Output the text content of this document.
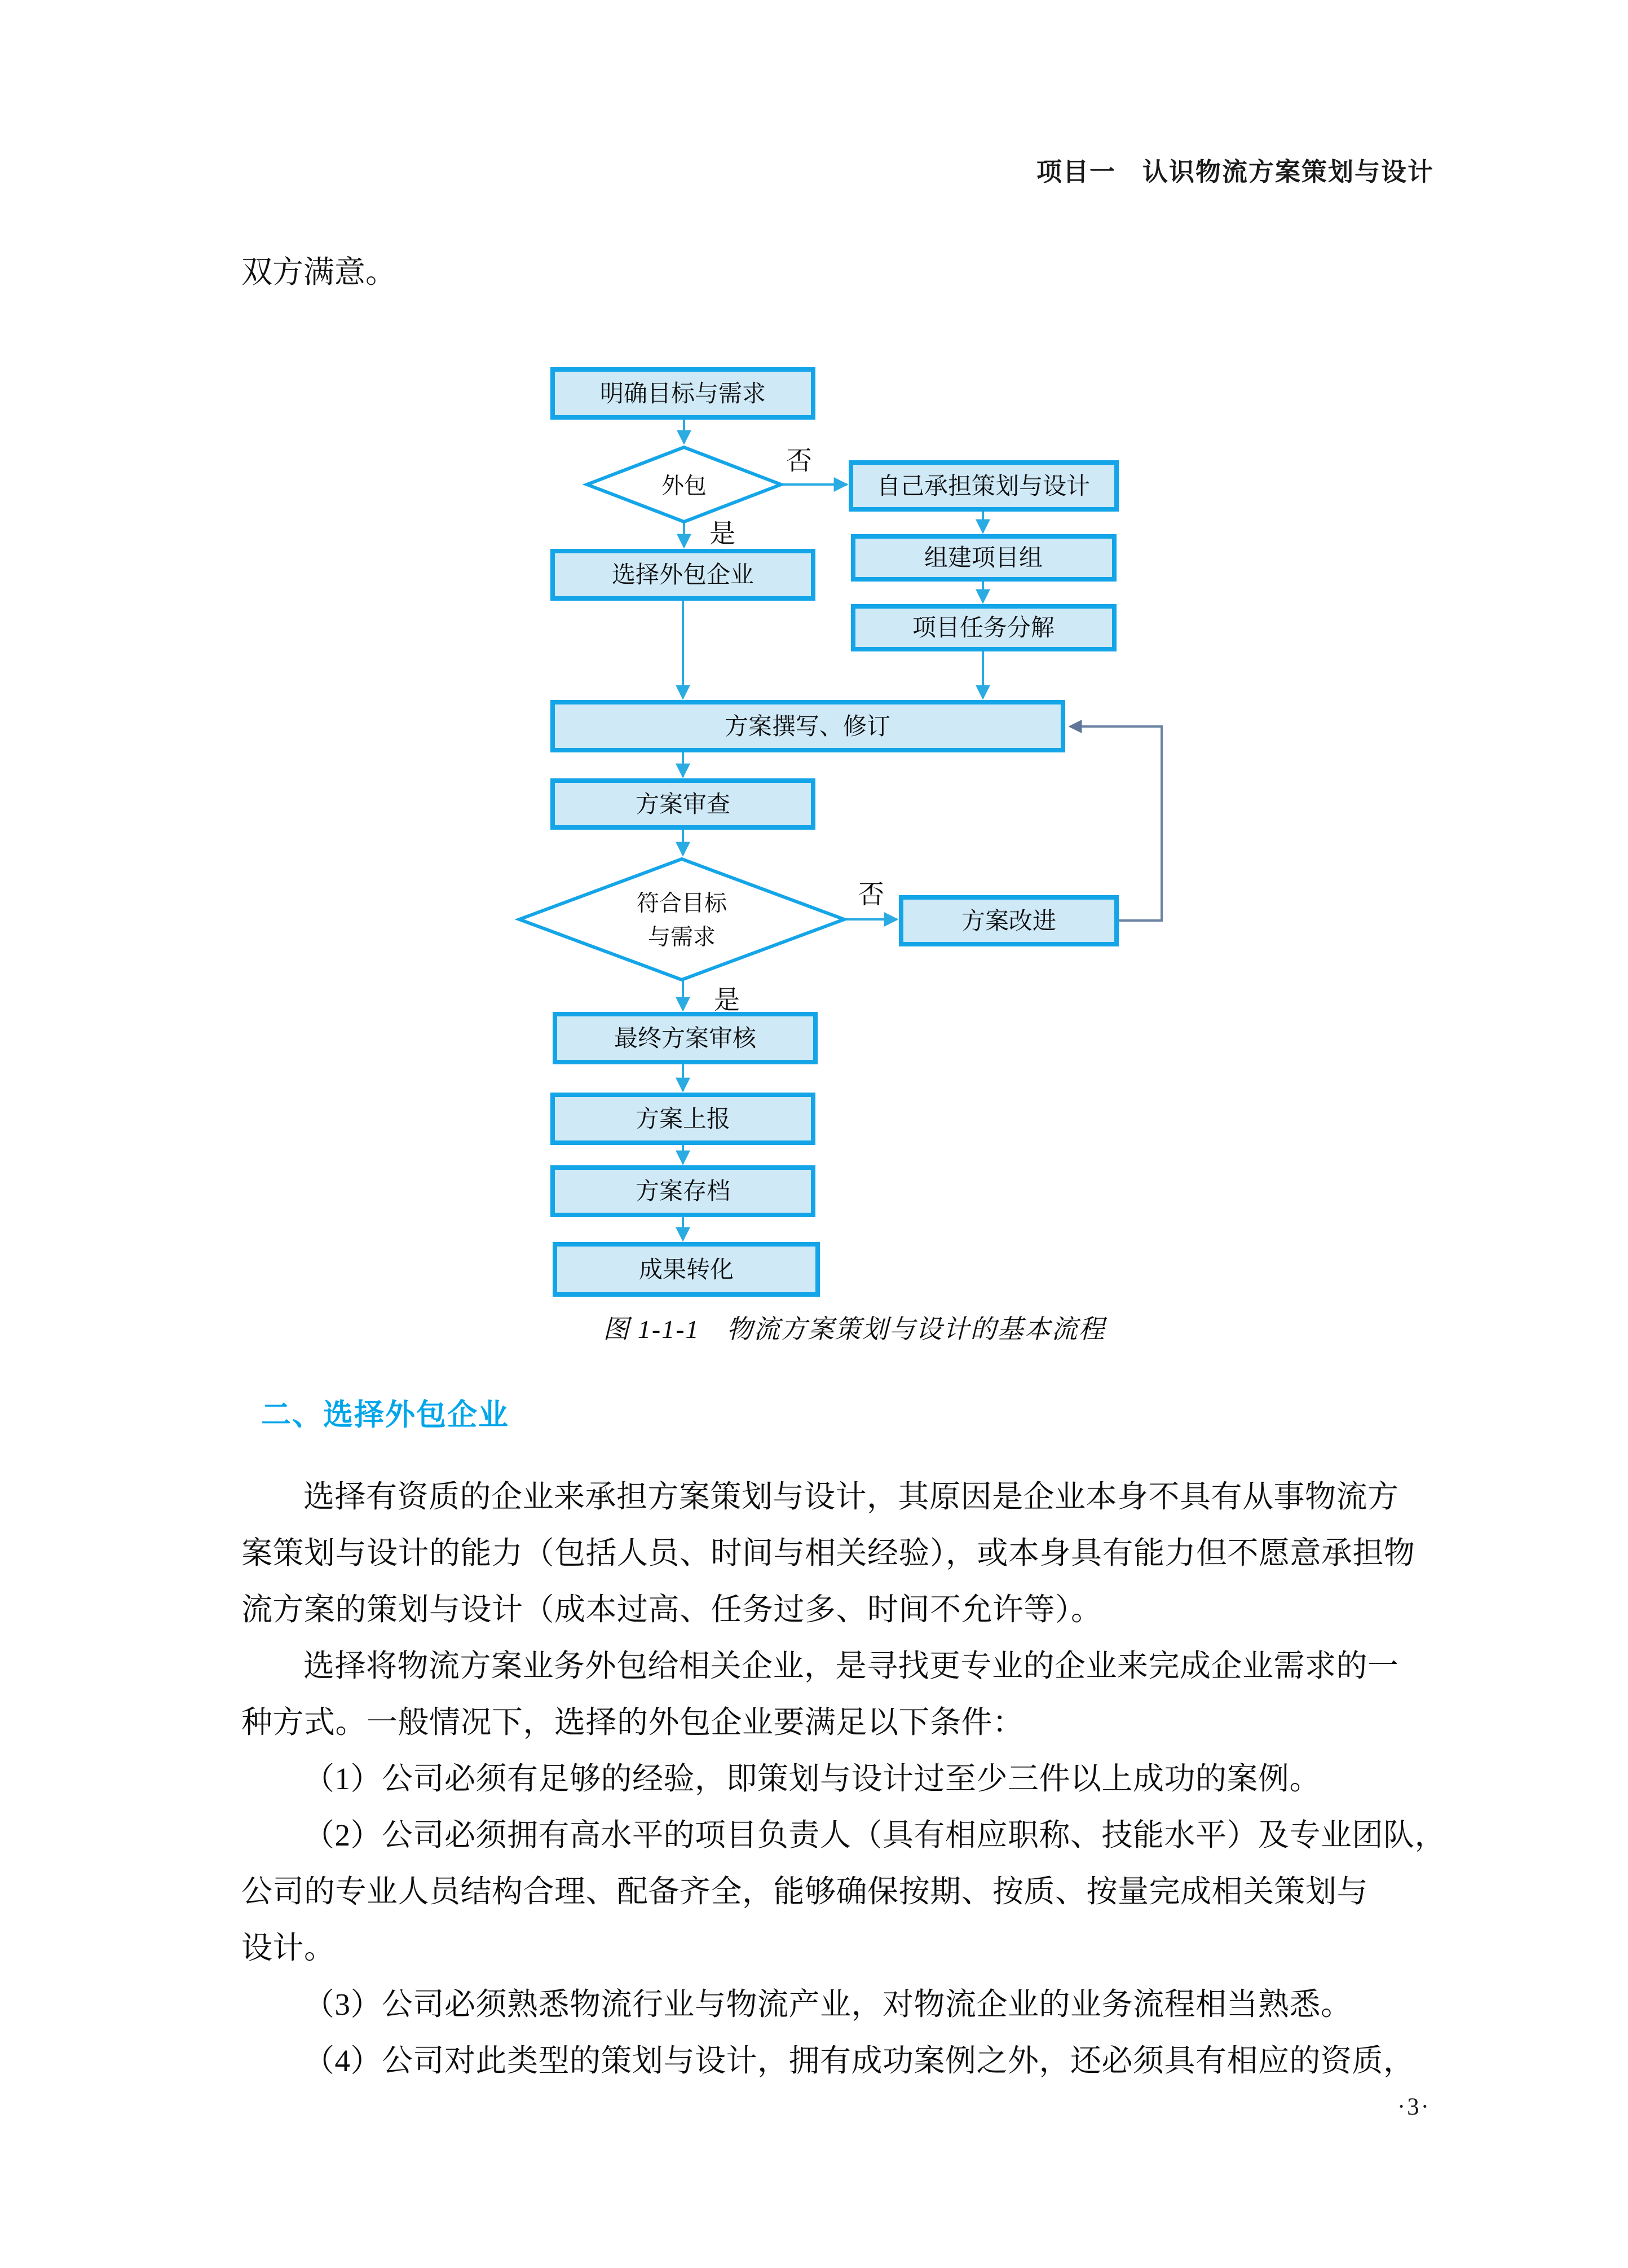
项目一　认识物流方案策划与设计
双方满意。
明确目标与需求
外包
否
是
自己承担策划与设计
选择外包企业
组建项目组
项目任务分解
方案撰写、修订
方案审查
符合目标
与需求
否
是
方案改进
最终方案审核
方案上报
方案存档
成果转化
图 1-1-1　物流方案策划与设计的基本流程
二、选择外包企业
选择有资质的企业来承担方案策划与设计，其原因是企业本身不具有从事物流方
案策划与设计的能力（包括人员、时间与相关经验），或本身具有能力但不愿意承担物
流方案的策划与设计（成本过高、任务过多、时间不允许等）。
选择将物流方案业务外包给相关企业，是寻找更专业的企业来完成企业需求的一
种方式。一般情况下，选择的外包企业要满足以下条件：
（1）公司必须有足够的经验，即策划与设计过至少三件以上成功的案例。
（2）公司必须拥有高水平的项目负责人（具有相应职称、技能水平）及专业团队，
公司的专业人员结构合理、配备齐全，能够确保按期、按质、按量完成相关策划与
设计。
（3）公司必须熟悉物流行业与物流产业，对物流企业的业务流程相当熟悉。
（4）公司对此类型的策划与设计，拥有成功案例之外，还必须具有相应的资质，
·3·
